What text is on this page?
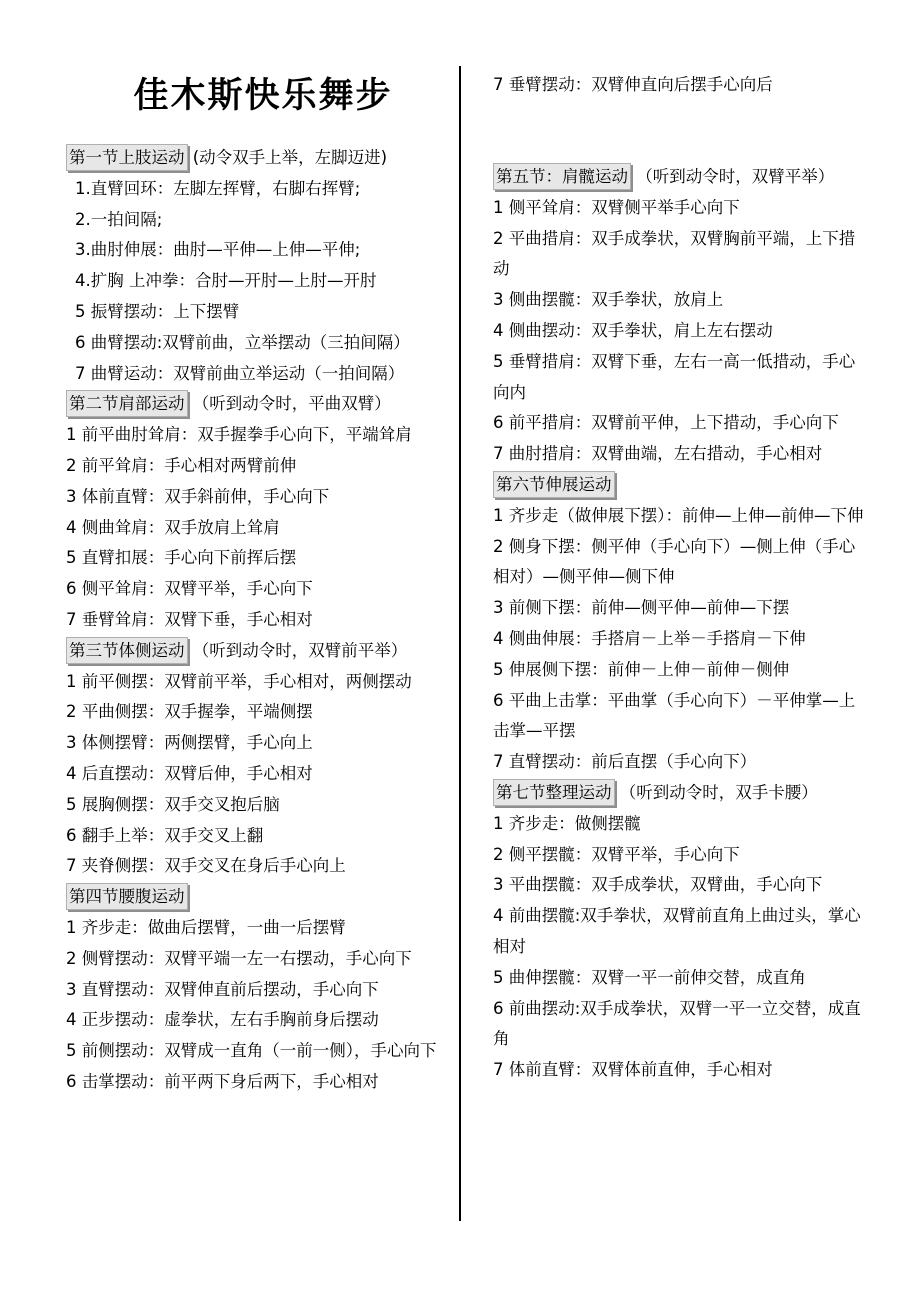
佳木斯快乐舞步
第一节上肢运动 (动令双手上举，左脚迈进)
1.直臂回环：左脚左挥臂，右脚右挥臂;
2.一拍间隔;
3.曲肘伸展：曲肘—平伸—上伸—平伸;
4.扩胸 上冲拳：合肘—开肘—上肘—开肘
5 振臂摆动：上下摆臂
6 曲臂摆动:双臂前曲，立举摆动（三拍间隔）
7 曲臂运动：双臂前曲立举运动（一拍间隔）
第二节肩部运动 （听到动令时，平曲双臂）
1 前平曲肘耸肩：双手握拳手心向下，平端耸肩
2 前平耸肩：手心相对两臂前伸
3 体前直臂：双手斜前伸，手心向下
4 侧曲耸肩：双手放肩上耸肩
5 直臂扣展：手心向下前挥后摆
6 侧平耸肩：双臂平举，手心向下
7 垂臂耸肩：双臂下垂，手心相对
第三节体侧运动 （听到动令时，双臂前平举）
1 前平侧摆：双臂前平举，手心相对，两侧摆动
2 平曲侧摆：双手握拳，平端侧摆
3 体侧摆臂：两侧摆臂，手心向上
4 后直摆动：双臂后伸，手心相对
5 展胸侧摆：双手交叉抱后脑
6 翻手上举：双手交叉上翻
7 夹脊侧摆：双手交叉在身后手心向上
第四节腰腹运动
1 齐步走：做曲后摆臂，一曲一后摆臂
2 侧臂摆动：双臂平端一左一右摆动，手心向下
3 直臂摆动：双臂伸直前后摆动，手心向下
4 正步摆动：虚拳状，左右手胸前身后摆动
5 前侧摆动：双臂成一直角（一前一侧），手心向下
6 击掌摆动：前平两下身后两下，手心相对
7 垂臂摆动：双臂伸直向后摆手心向后
第五节：肩髋运动 （听到动令时，双臂平举）
1 侧平耸肩：双臂侧平举手心向下
2 平曲措肩：双手成拳状，双臂胸前平端，上下措动
3 侧曲摆髋：双手拳状，放肩上
4 侧曲摆动：双手拳状，肩上左右摆动
5 垂臂措肩：双臂下垂，左右一高一低措动，手心向内
6 前平措肩：双臂前平伸，上下措动，手心向下
7 曲肘措肩：双臂曲端，左右措动，手心相对
第六节伸展运动
1 齐步走（做伸展下摆）：前伸—上伸—前伸—下伸
2 侧身下摆：侧平伸（手心向下）—侧上伸（手心相对）—侧平伸—侧下伸
3 前侧下摆：前伸—侧平伸—前伸—下摆
4 侧曲伸展：手搭肩－上举－手搭肩－下伸
5 伸展侧下摆：前伸－上伸－前伸－侧伸
6 平曲上击掌：平曲掌（手心向下）－平伸掌—上击掌—平摆
7 直臂摆动：前后直摆（手心向下）
第七节整理运动 （听到动令时，双手卡腰）
1 齐步走：做侧摆髋
2 侧平摆髋：双臂平举，手心向下
3 平曲摆髋：双手成拳状，双臂曲，手心向下
4 前曲摆髋:双手拳状，双臂前直角上曲过头，掌心相对
5 曲伸摆髋：双臂一平一前伸交替，成直角
6 前曲摆动:双手成拳状，双臂一平一立交替，成直角
7 体前直臂：双臂体前直伸，手心相对
